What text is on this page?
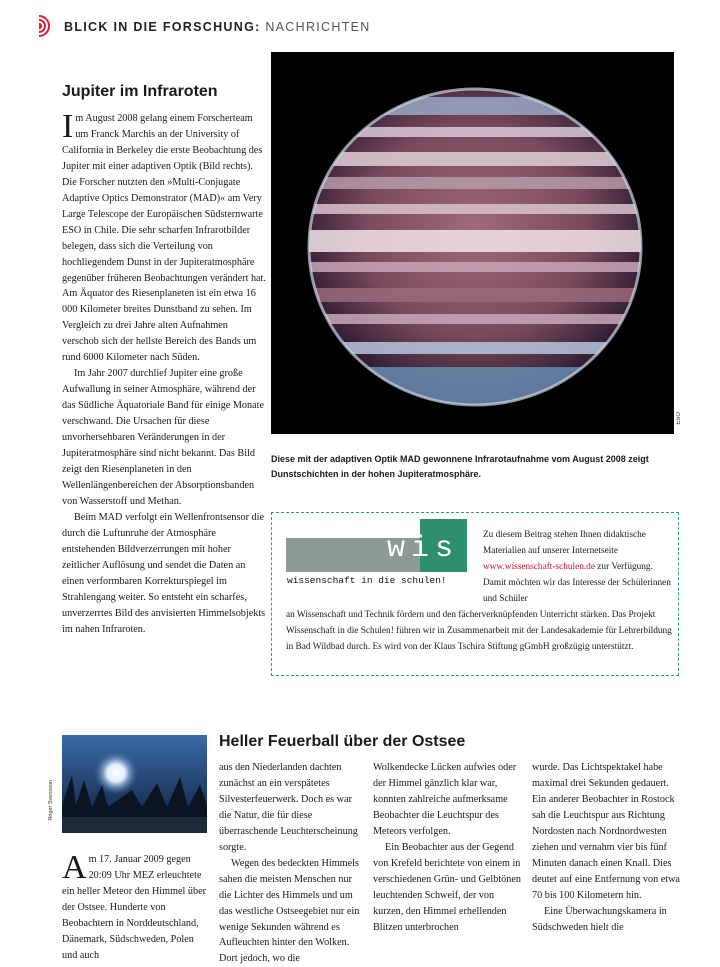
BLICK IN DIE FORSCHUNG: NACHRICHTEN
Jupiter im Infraroten

Im August 2008 gelang einem Forscherteam um Franck Marchis an der University of California in Berkeley die erste Beobachtung des Jupiter mit einer adaptiven Optik (Bild rechts). Die Forscher nutzten den »Multi-Conjugate Adaptive Optics Demonstrator (MAD)« am Very Large Telescope der Europäischen Südsternwarte ESO in Chile. Die sehr scharfen Infrarotbilder belegen, dass sich die Verteilung von hochliegendem Dunst in der Jupiteratmosphäre gegenüber früheren Beobachtungen verändert hat. Am Äquator des Riesenplaneten ist ein etwa 16 000 Kilometer breites Dunstband zu sehen. Im Vergleich zu drei Jahre alten Aufnahmen verschob sich der hellste Bereich des Bands um rund 6000 Kilometer nach Süden.

Im Jahr 2007 durchlief Jupiter eine große Aufwallung in seiner Atmosphäre, während der das Südliche Äquatoriale Band für einige Monate verschwand. Die Ursachen für diese unvorhersehbaren Veränderungen in der Jupiteratmosphäre sind nicht bekannt. Das Bild zeigt den Riesenplaneten in den Wellenlängenbereichen der Absorptionsbanden von Wasserstoff und Methan.

Beim MAD verfolgt ein Wellenfrontsensor die durch die Luftunruhe der Atmosphäre entstehenden Bildverzerrungen mit hoher zeitlicher Auflösung und sendet die Daten an einen verformbaren Korrekturspiegel im Strahlengang weiter. So entsteht ein scharfes, unverzerrtes Bild des anvisierten Himmelsobjekts im nahen Infraroten.

ESO
Diese mit der adaptiven Optik MAD gewonnene Infrarotaufnahme vom August 2008 zeigt Dunstschichten in der hohen Jupiteratmosphäre.
wis
wissenschaft in die schulen!
Zu diesem Beitrag stehen Ihnen didaktische Materialien auf unserer Internetseite www.wissenschaft-schulen.de zur Verfügung. Damit möchten wir das Interesse der Schülerinnen und Schüler
an Wissenschaft und Technik fördern und den fächerverknüpfenden Unterricht stärken. Das Projekt Wissenschaft in die Schulen! führen wir in Zusammenarbeit mit der Landesakademie für Lehrerbildung in Bad Wildbad durch. Es wird von der Klaus Tschira Stiftung gGmbH großzügig unterstützt.
Roger Svensson
Heller Feuerball über der Ostsee

Am 17. Januar 2009 gegen 20:09 Uhr MEZ erleuchtete ein heller Meteor den Himmel über der Ostsee. Hunderte von Beobachtern in Norddeutschland, Dänemark, Südschweden, Polen und auch

aus den Niederlanden dachten zunächst an ein verspätetes Silvesterfeuerwerk. Doch es war die Natur, die für diese überraschende Leuchterscheinung sorgte.

Wegen des bedeckten Himmels sahen die meisten Menschen nur die Lichter des Himmels und um das westliche Ostseegebiet nur ein wenige Sekunden während es Aufleuchten hinter den Wolken. Dort jedoch, wo die

Wolkendecke Lücken aufwies oder der Himmel gänzlich klar war, konnten zahlreiche aufmerksame Beobachter die Leuchtspur des Meteors verfolgen.

Ein Beobachter aus der Gegend von Krefeld berichtete von einem in verschiedenen Grün- und Gelbtönen leuchtenden Schweif, der von kurzen, den Himmel erhellenden Blitzen unterbrochen

wurde. Das Lichtspektakel habe maximal drei Sekunden gedauert. Ein anderer Beobachter in Rostock sah die Leuchtspur aus Richtung Nordosten nach Nordnordwesten ziehen und vernahm vier bis fünf Minuten danach einen Knall. Dies deutet auf eine Entfernung von etwa 70 bis 100 Kilometern hin.

Eine Überwachungskamera in Südschweden hielt die
